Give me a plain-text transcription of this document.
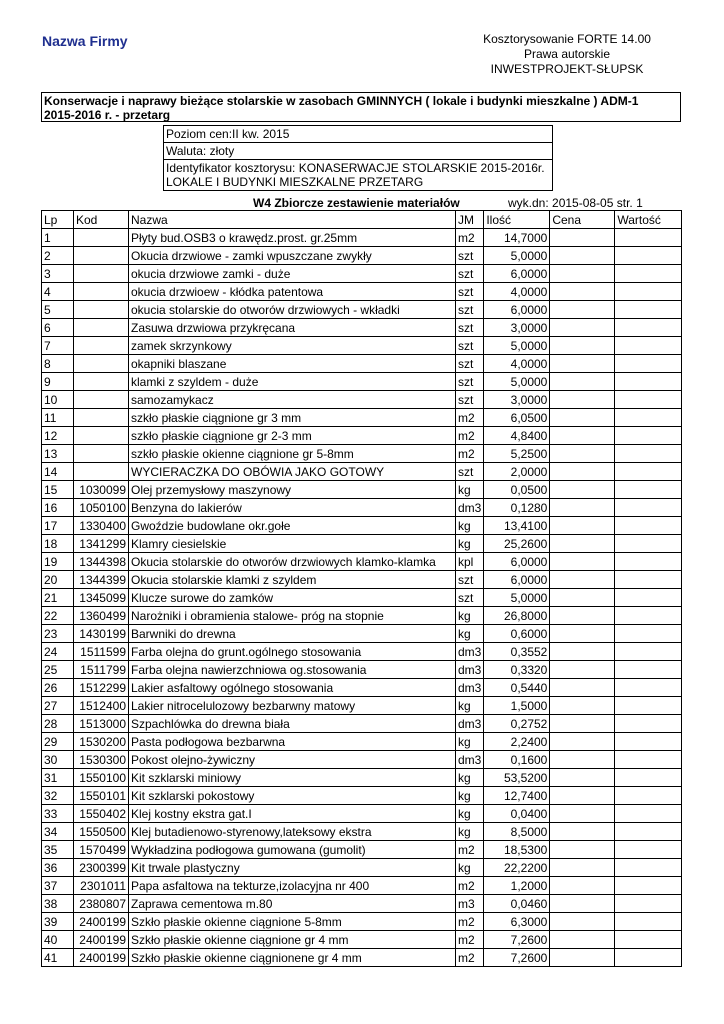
Nazwa Firmy	Kosztorysowanie FORTE 14.00
Prawa autorskie
INWESTPROJEKT-SŁUPSK
Konserwacje i naprawy bieżące stolarskie w zasobach GMINNYCH ( lokale i budynki mieszkalne ) ADM-1
2015-2016 r. - przetarg
Poziom cen:II kw. 2015
Waluta: złoty
Identyfikator kosztorysu: KONASERWACJE STOLARSKIE 2015-2016r.
LOKALE I BUDYNKI MIESZKALNE PRZETARG
W4 Zbiorcze zestawienie materiałów	wyk.dn: 2015-08-05 str. 1
Lp	Kod	Nazwa	JM	Ilość	Cena	Wartość
1		Płyty bud.OSB3 o krawędz.prost. gr.25mm	m2	14,7000		
2		Okucia drzwiowe - zamki wpuszczane zwykły	szt	5,0000		
3		okucia drzwiowe zamki - duże	szt	6,0000		
4		okucia drzwioew - kłódka patentowa	szt	4,0000		
5		okucia stolarskie do otworów drzwiowych - wkładki	szt	6,0000		
6		Zasuwa drzwiowa przykręcana	szt	3,0000		
7		zamek skrzynkowy	szt	5,0000		
8		okapniki blaszane	szt	4,0000		
9		klamki z szyldem - duże	szt	5,0000		
10		samozamykacz	szt	3,0000		
11		szkło płaskie ciągnione gr 3 mm	m2	6,0500		
12		szkło płaskie ciągnione gr 2-3 mm	m2	4,8400		
13		szkło płaskie okienne ciągnione gr 5-8mm	m2	5,2500		
14		WYCIERACZKA DO OBÓWIA JAKO GOTOWY	szt	2,0000		
15	1030099	Olej przemysłowy maszynowy	kg	0,0500		
16	1050100	Benzyna do lakierów	dm3	0,1280		
17	1330400	Gwoździe budowlane okr.gołe	kg	13,4100		
18	1341299	Klamry ciesielskie	kg	25,2600		
19	1344398	Okucia stolarskie do otworów drzwiowych klamko-klamka	kpl	6,0000		
20	1344399	Okucia stolarskie klamki z szyldem	szt	6,0000		
21	1345099	Klucze surowe do zamków	szt	5,0000		
22	1360499	Narożniki i obramienia stalowe- próg na stopnie	kg	26,8000		
23	1430199	Barwniki do drewna	kg	0,6000		
24	1511599	Farba olejna do grunt.ogólnego stosowania	dm3	0,3552		
25	1511799	Farba olejna nawierzchniowa og.stosowania	dm3	0,3320		
26	1512299	Lakier asfaltowy ogólnego stosowania	dm3	0,5440		
27	1512400	Lakier nitrocelulozowy bezbarwny matowy	kg	1,5000		
28	1513000	Szpachlówka do drewna biała	dm3	0,2752		
29	1530200	Pasta podłogowa bezbarwna	kg	2,2400		
30	1530300	Pokost olejno-żywiczny	dm3	0,1600		
31	1550100	Kit szklarski miniowy	kg	53,5200		
32	1550101	Kit szklarski pokostowy	kg	12,7400		
33	1550402	Klej kostny ekstra gat.I	kg	0,0400		
34	1550500	Klej butadienowo-styrenowy,lateksowy ekstra	kg	8,5000		
35	1570499	Wykładzina podłogowa gumowana (gumolit)	m2	18,5300		
36	2300399	Kit trwale plastyczny	kg	22,2200		
37	2301011	Papa asfaltowa na tekturze,izolacyjna nr 400	m2	1,2000		
38	2380807	Zaprawa cementowa m.80	m3	0,0460		
39	2400199	Szkło płaskie okienne ciągnione 5-8mm	m2	6,3000		
40	2400199	Szkło płaskie okienne ciągnione gr 4 mm	m2	7,2600		
41	2400199	Szkło płaskie okienne ciągnionene gr 4 mm	m2	7,2600		
